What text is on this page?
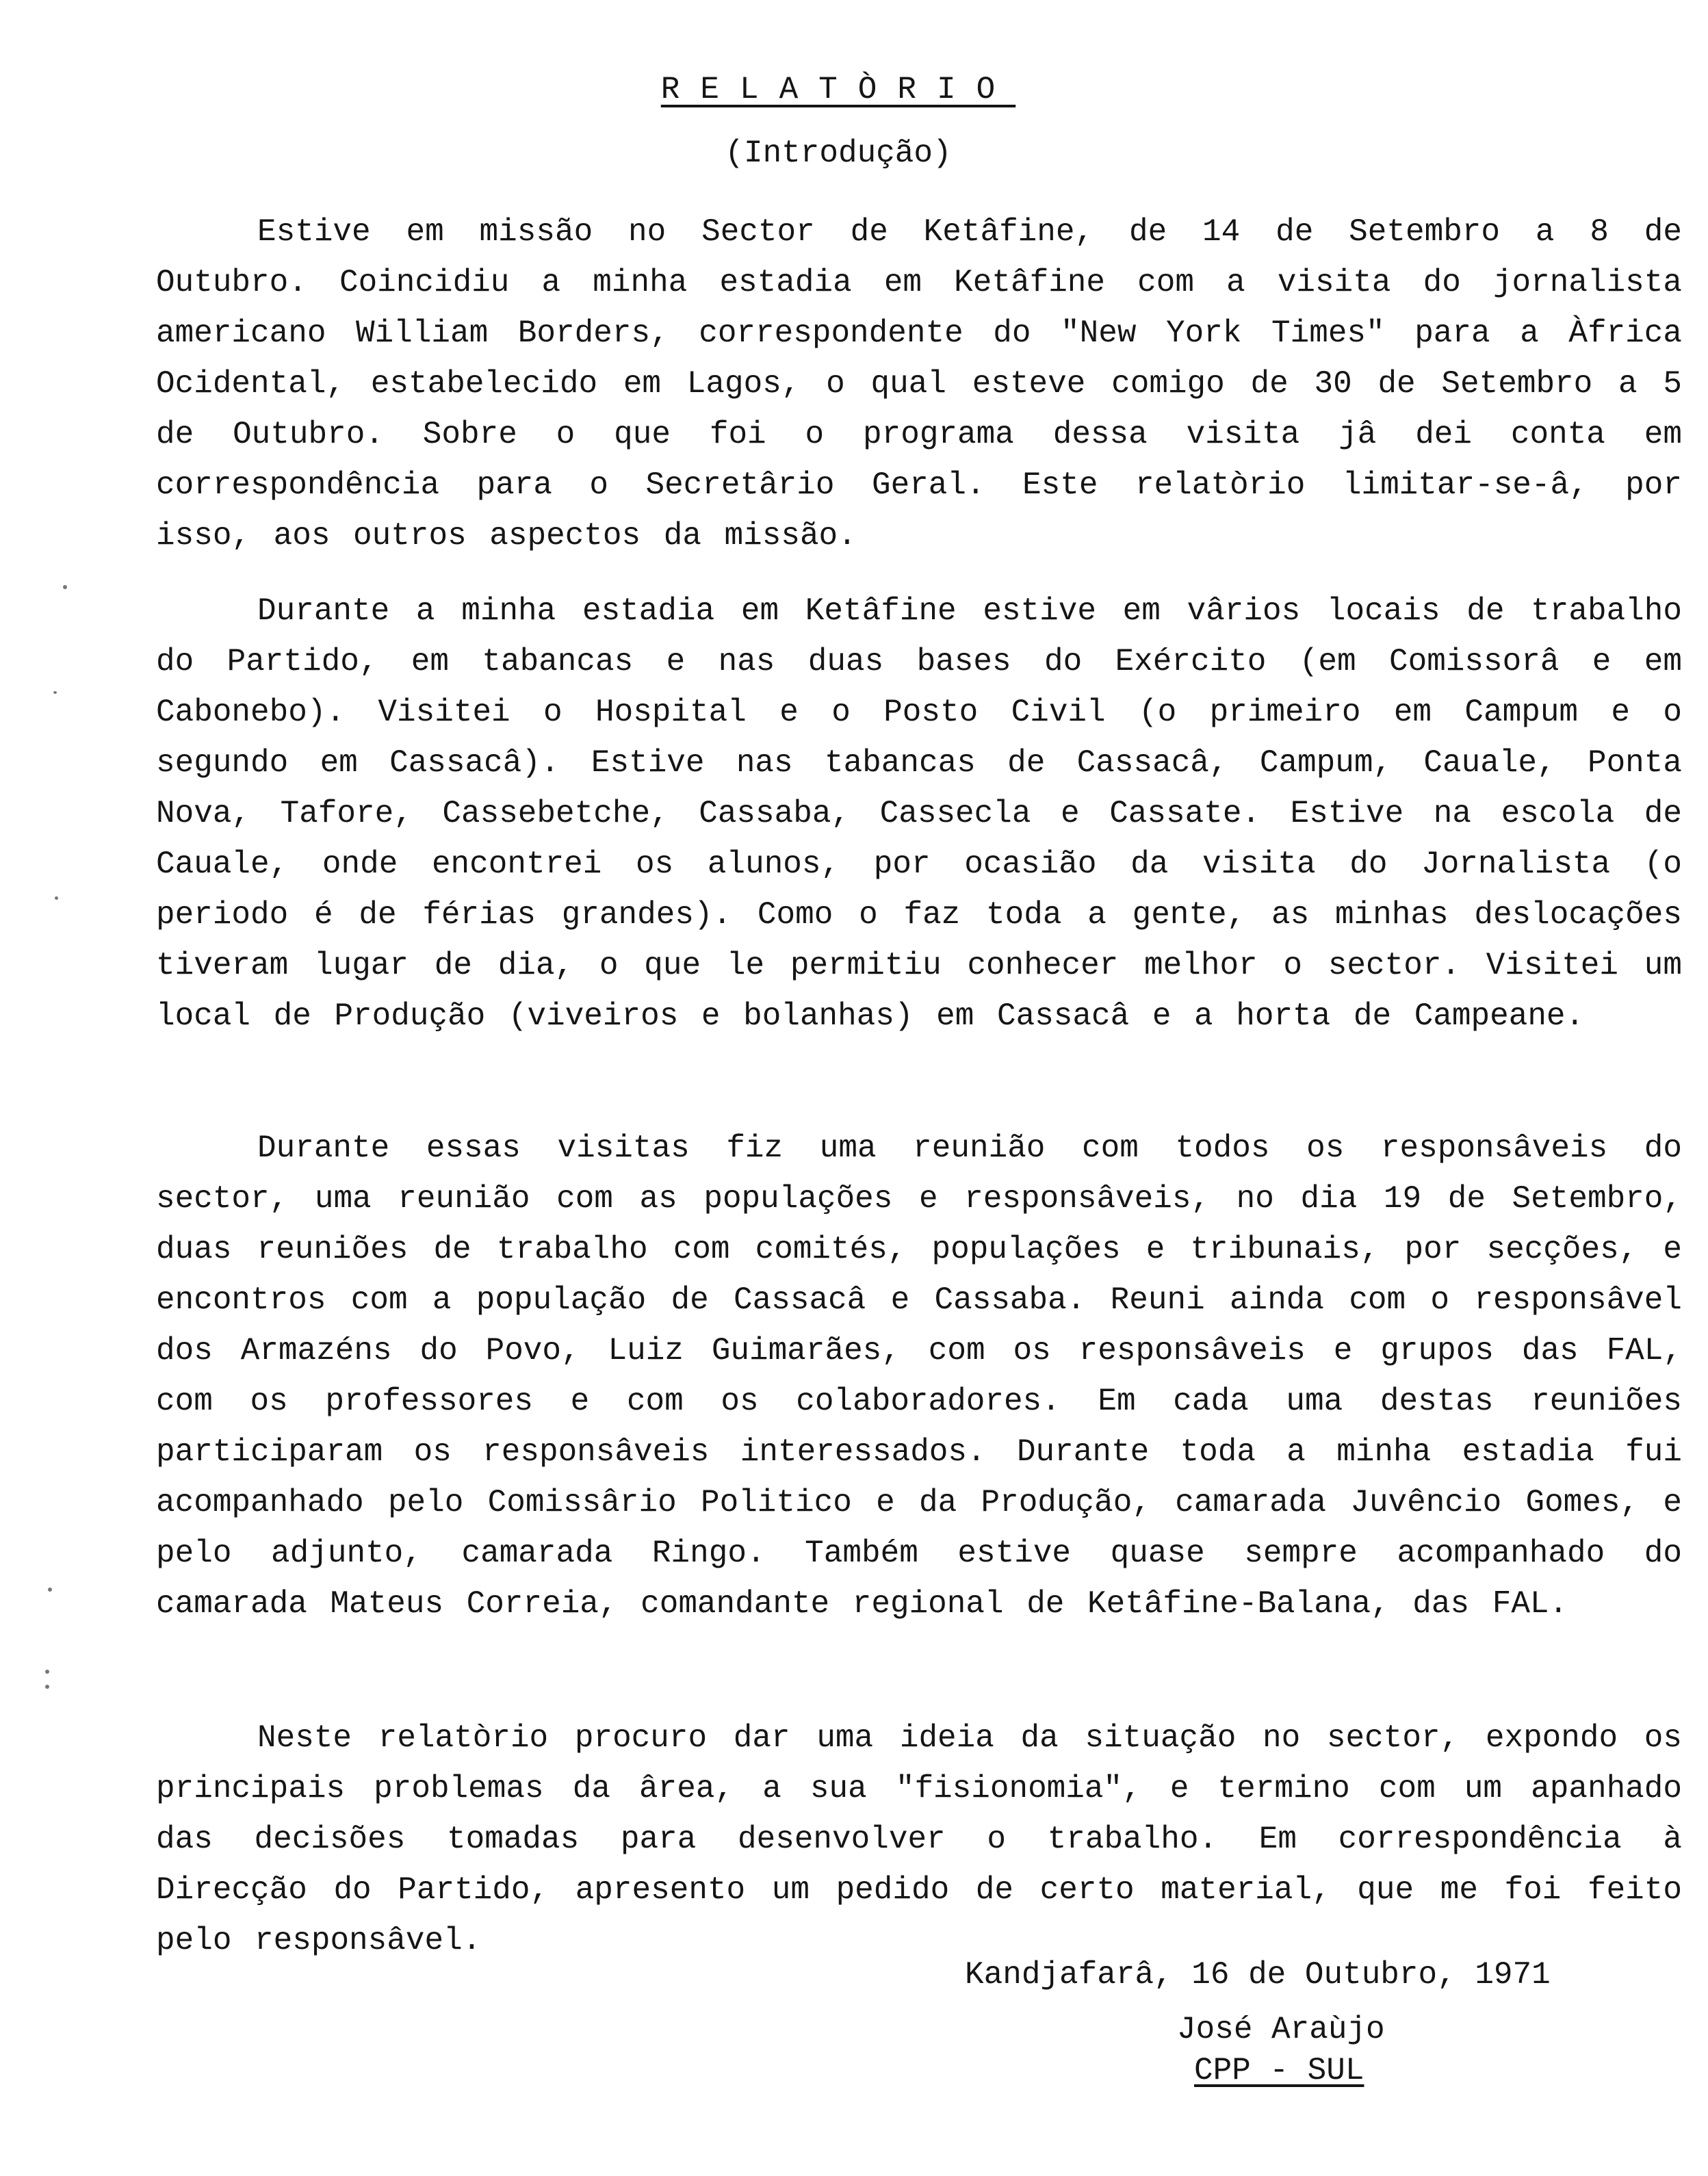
RELATÒRIO
(Introdução)

Estive em missão no Sector de Ketâfine, de 14 de Setembro a 8 de Outubro. Coincidiu a minha estadia em Ketâfine com a visita do jornalista americano William Borders, correspondente do "New York Times" para a Àfrica Ocidental, estabelecido em Lagos, o qual esteve comigo de 30 de Setembro a 5 de Outubro. Sobre o que foi o programa dessa visita jâ dei conta em correspondência para o Secretârio Geral. Este relatòrio limitar-se-â, por isso, aos outros aspectos da missão.

Durante a minha estadia em Ketâfine estive em vârios locais de trabalho do Partido, em tabancas e nas duas bases do Exército (em Comissorâ e em Cabonebo). Visitei o Hospital e o Posto Civil (o primeiro em Campum e o segundo em Cassacâ). Estive nas tabancas de Cassacâ, Campum, Cauale, Ponta Nova, Tafore, Cassebetche, Cassaba, Cassecla e Cassate. Estive na escola de Cauale, onde encontrei os alunos, por ocasião da visita do Jornalista (o periodo é de férias grandes). Como o faz toda a gente, as minhas deslocações tiveram lugar de dia, o que le permitiu conhecer melhor o sector. Visitei um local de Produção (viveiros e bolanhas) em Cassacâ e a horta de Campeane.

Durante essas visitas fiz uma reunião com todos os responsâveis do sector, uma reunião com as populações e responsâveis, no dia 19 de Setembro, duas reuniões de trabalho com comités, populações e tribunais, por secções, e encontros com a população de Cassacâ e Cassaba. Reuni ainda com o responsâvel dos Armazéns do Povo, Luiz Guimarães, com os responsâveis e grupos das FAL, com os professores e com os colaboradores. Em cada uma destas reuniões participaram os responsâveis interessados. Durante toda a minha estadia fui acompanhado pelo Comissârio Politico e da Produção, camarada Juvêncio Gomes, e pelo adjunto, camarada Ringo. Também estive quase sempre acompanhado do camarada Mateus Correia, comandante regional de Ketâfine-Balana, das FAL.

Neste relatòrio procuro dar uma ideia da situação no sector, expondo os principais problemas da ârea, a sua "fisionomia", e termino com um apanhado das decisões tomadas para desenvolver o trabalho. Em correspondência à Direcção do Partido, apresento um pedido de certo material, que me foi feito pelo responsâvel.

Kandjafarâ, 16 de Outubro, 1971
José Araùjo
CPP - SUL
